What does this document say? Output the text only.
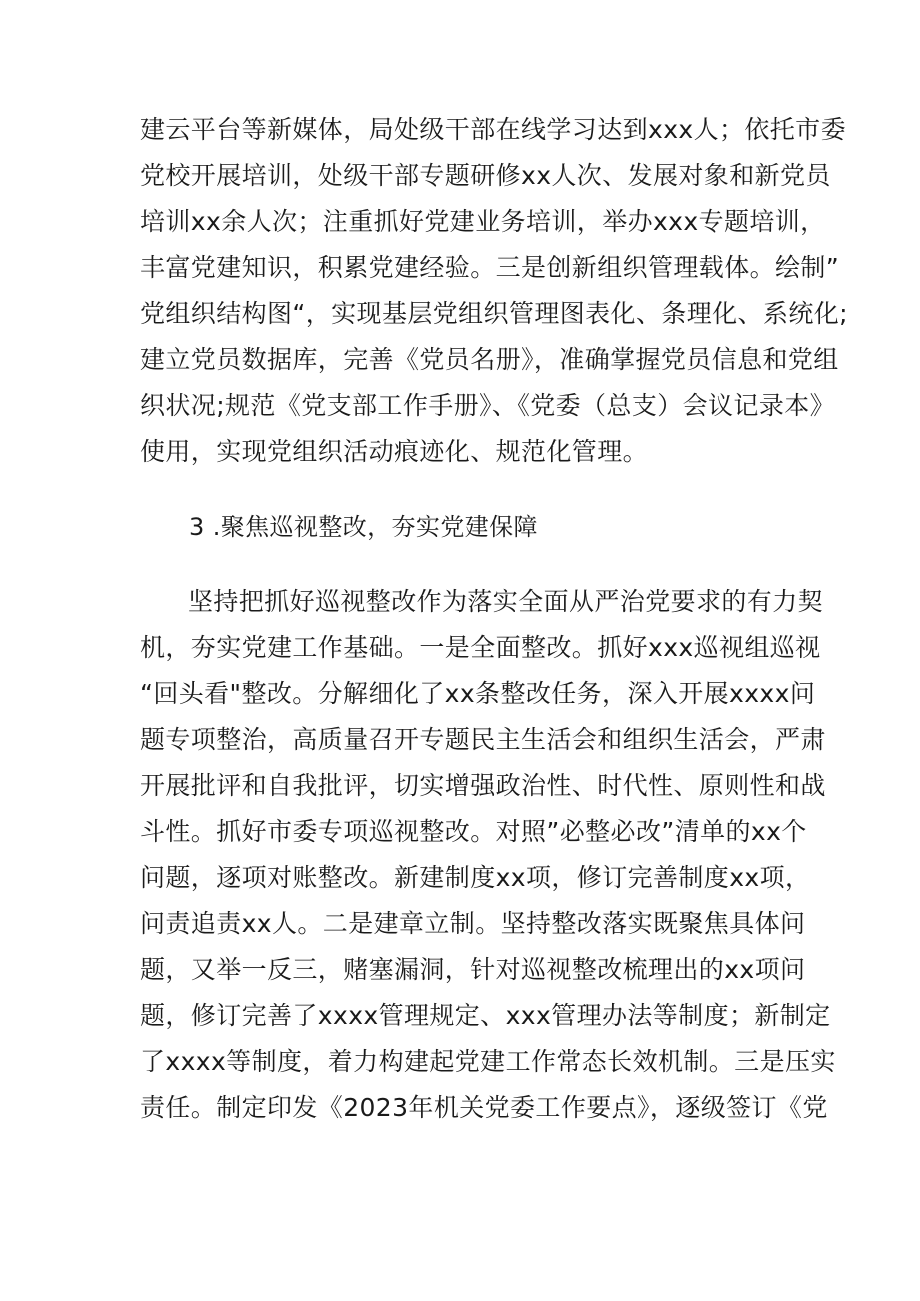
建云平台等新媒体，局处级干部在线学习达到xxx人；依托市委
党校开展培训，处级干部专题研修xx人次、发展对象和新党员
培训xx余人次；注重抓好党建业务培训，举办xxx专题培训，
丰富党建知识，积累党建经验。三是创新组织管理载体。绘制”
党组织结构图“，实现基层党组织管理图表化、条理化、系统化;
建立党员数据库，完善《党员名册》，准确掌握党员信息和党组
织状况;规范《党支部工作手册》、《党委（总支）会议记录本》
使用，实现党组织活动痕迹化、规范化管理。
3 .聚焦巡视整改，夯实党建保障
坚持把抓好巡视整改作为落实全面从严治党要求的有力契
机，夯实党建工作基础。一是全面整改。抓好xxx巡视组巡视
“回头看"整改。分解细化了xx条整改任务，深入开展xxxx问
题专项整治，高质量召开专题民主生活会和组织生活会，严肃
开展批评和自我批评，切实增强政治性、时代性、原则性和战
斗性。抓好市委专项巡视整改。对照”必整必改”清单的xx个
问题，逐项对账整改。新建制度xx项，修订完善制度xx项，
问责追责xx人。二是建章立制。坚持整改落实既聚焦具体问
题，又举一反三，赌塞漏洞，针对巡视整改梳理出的xx项问
题，修订完善了xxxx管理规定、xxx管理办法等制度；新制定
了xxxx等制度，着力构建起党建工作常态长效机制。三是压实
责任。制定印发《2023年机关党委工作要点》，逐级签订《党
